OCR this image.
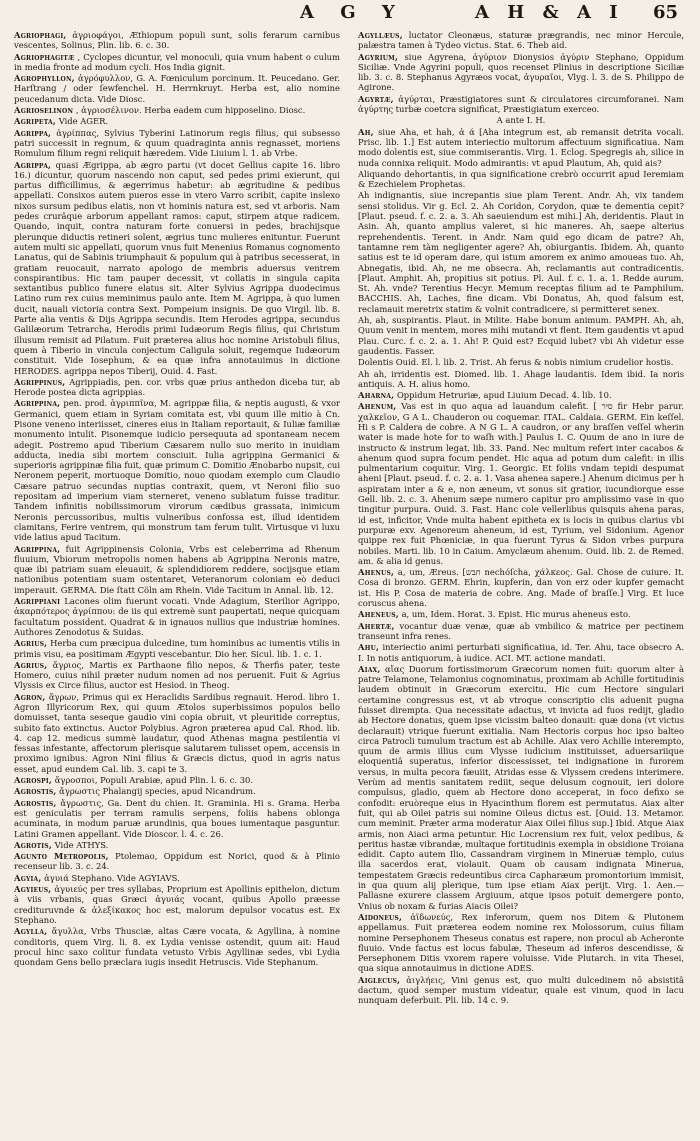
A G Y	A H & A I 65

Agriophagi, ἀγριοφάγοι, Æthiopum populi sunt, solis ferarum carnibus vescentes, Solinus, Plin. lib. 6. c. 30.

Agriophagitæ , Cyclopes dicuntur, vel monoculi, quia vnum habent o culum in media fronte ad modum cycli. Hos India gignit.

Agrophyllon, ἀγρόφυλλον, G. A. Fœniculum porcinum. It. Peucedano. Ger. Harſtrang / oder ſewfenchel. H. Herrnkruyt. Herba est, alio nomine peucedanum dicta. Vide Diosc.

Agrioselinon , ἀγριοσέλινον. Herba eadem cum hipposelino. Diosc.

Agripeta, Vide AGER.

Agrippa, ἀγρίππας, Sylvius Tyberini Latinorum regis filius, qui subsesso patri successit in regnum, & quum quadraginta annis regnasset, moriens Romulum filium regni reliquit hæredem. Vide Liuium l. 1. ab Vrbe.

Agrippa, quasi Ægrippa, ab ægro partu (vt docet Gellius capite 16. libro 16.) dicuntur, quorum nascendo non caput, sed pedes primi exierunt, qui partus difficillimus, & ægerrimus habetur: ab ægritudine & pedibus appellati. Consixos autem pueros esse in vtero Varro scribit, capite inslexo nixos sursum pedibus elatis, non vt hominis natura est, sed vt arboris. Nam pedes crurâque arborum appellant ramos: caput, stirpem atque radicem. Quando, inquit, contra naturam forte conuersi in pedes, brachijsque plerunque diductis retineri solent, ægrius tunc mulieres enituntur. Fuerunt autem multi sic appellati, quorum vnus fuit Menenius Romanus cognomento Lanatus, qui de Sabinis triumphauit & populum qui à patribus secesserat, in gratiam reuocauit, narrato apologo de membris aduersus ventrem conspirantibus. Hic tam pauper decessit, vt collatis in singula capita sextantibus publico funere elatus sit. Alter Sylvius Agrippa duodecimus Latino rum rex cuius meminimus paulo ante. Item M. Agrippa, à quo lumen ducit, nauali victoria contra Sext. Pompeium insignis. De quo Virgil. lib. 8. Parte alia ventis & Dijs Agrippa secundis. Item Herodes agrippa, secundus Galilæorum Tetrarcha, Herodis primi Iudæorum Regis filius, qui Christum illusum remisit ad Pilatum. Fuit præterea alius hoc nomine Aristobuli filius, quem à Tiberio in vincula conjectum Caligula soluit, regemque Iudæorum constituit. Vide Iosephum, & ea quæ infra annotauimus in dictione HERODES. agrippa nepos Tiberij, Ouid. 4. Fast.

Agrippinus, Agrippiadis, pen. cor. vrbs quæ prius anthedon diceba tur, ab Herode postea dicta agrippias.

Agrippina, pen. prod. ἀγριππῖνα, M. agrippæ filia, & neptis augusti, & vxor Germanici, quem etiam in Syriam comitata est, vbi quum ille mitio à Cn. Pisone veneno interiisset, cineres eius in Italiam reportauit, & Iuliæ familiæ monumento intulit. Pisonemque iudicio persequuta ad spontaneam necem adegit. Postremo apud Tiberium Cæsarem nullo suo merito in inuidiam adducta, inedia sibi mortem consciuit. Iulia agrippina Germanici & superioris agrippinæ filia fuit, quæ primum C. Domitio Ænobarbo nupsit, cui Neronem peperit, mortuoque Domitio, nouo quodam exemplo cum Claudio Cæsare patruo secundas nuptias contraxit, quem, vt Neroni filio suo repositam ad imperium viam sterneret, veneno sublatum fuisse traditur. Tandem infinitis nobilissimorum virorum cædibus grassata, inimicum Neronis percussoribus, multis vulneribus confossa est, illud identidem clamitans, Ferire ventrem, qui monstrum tam ferum tulit. Virtusque vi luxu vide latius apud Tacitum.

Agrippina, fuit Agrippinensis Colonia, Vrbs est celeberrima ad Rhenum fluuium, Vbiorum metropolis nomen habens ab Agrippina Neronis matre, quæ ibi patriam suam eleuauit, & splendidiorem reddere, socijsque etiam nationibus potentiam suam ostentaret, Veteranorum coloniam eò deduci imperauit. GERMA. Die ſtatt Cöln am Rhein. Vide Tacitum in Annal. lib. 12.

Agrippiani Lacones olim fuerunt vocati. Vnde Adagium, Sterilior Agrippo, ἀκαρπότερος ἀγρίππου: de iis qui extremè sunt paupertati, neque quicquam facultatum possident. Quadrat & in ignauos nullius que industriæ homines. Authores Zenodotus & Suidas.

Agrius, Herba cum præcipua dulcedine, tum hominibus ac iumentis vtilis in primis visu, ea positimam Ægypti vescebantur. Dio her. Sicul. lib. 1. c. 1.

Agrius, ἄγριος, Martis ex Parthaone filio nepos, & Therfis pater, teste Homero, cuius nihil præter nudum nomen ad nos peruenit. Fuit & Agrius Vlyssis ex Circe filius, auctor est Hesiod. in Theog.

Agron, ἄγρων, Primus qui ex Heraclidis Sardibus regnauit. Herod. libro 1. Agron Illyricorum Rex, qui quum Ætolos superbissimos populos bello domuisset, tanta seseque gaudio vini copia obruit, vt pleuritide correptus, subito fato extinctus. Auctor Polybius. Agron præterea apud Cal. Rhod. lib. 4. cap 12. medicus summè laudatur, quod Athenas magna pestilentia vi fessas infestante, affectorum plerisque salutarem tulisset opem, accensis in proximo ignibus. Agron Nini filius & Græcis dictus, quod in agris natus esset, apud eundem Cal. lib. 3. capi te 3.

Agrospi, ἄγροσποι, Populi Arabiæ, apud Plin. l. 6. c. 30.

Agrostis, ἄγρωστις Phalangij species, apud Nicandrum.

Agrostis, ἄγρωστις, Ga. Dent du chien. It. Graminia. Hi s. Grama. Herba est geniculatis per terram ramulis serpens, foliis habens oblonga acuminata, in modum paruæ arundinis, qua boues iumentaque pasguntur. Latini Gramen appellant. Vide Dioscor. l. 4. c. 26.

Agrotis, Vide ATHYS.

Agunto Metropolis, Ptolemao, Oppidum est Norici, quod & à Plinio recenseur lib. 3. c. 24.

Agyia, ἀγυιά Stephano. Vide AGYIAVS.

Agyieus, ἀγυιεύς per tres syllabas, Proprium est Apollinis epithelon, dictum à viis vrbanis, quas Græci ἀγυιάς vocant, quibus Apollo præesse credituruvnde & ἀλεξίκακος hoc est, malorum depulsor vocatus est. Ex Stephano.

Agylla, ἄγυλλα, Vrbs Thusciæ, altas Cære vocata, & Agyllina, à nomine conditoris, quem Virg. li. 8. ex Lydia venisse ostendit, quum ait: Haud procul hinc saxo colitur fundata vetusto Vrbis Agyllinæ sedes, vbi Lydia quondam Gens bello præclara iugis insedit Hetruscis. Vide Stephanum.

Agyllæus, luctator Cleonæus, staturæ prægrandis, nec minor Hercule, palæstra tamen à Tydeo victus. Stat. 6. Theb aid.

Agyrium, siue Agyrena, ἀγύριον Dionysios ἀγύριν Stephano, Oppidum Siciliæ. Vnde Agyrini populi, quos recenset Plinius in descriptione Siciliæ lib. 3. c. 8. Stephanus Agyræos vocat, ἀγυραῖοι, Vlyg. l. 3. de S. Philippo de Agirone.

Agyrtæ, ἀγύρται, Præstigiatores sunt & circulatores circumforanei. Nam ἀγύρτης turbæ coetcra significat, Præstigiatum exerceo.

A ante I. H.

Ah, siue Aha, et hah, ἀ ά [Aha integrum est, ab remansit detrita vocali. Prisc. lib. 1.] Est autem interiectio multorum affectuum significatiua. Nam modo dolentis est, siue commiserantis. Virg. 1. Eclog. Spegregis ah, silice in nuda connixa reliquit. Modo admirantis: vt apud Plautum, Ah, quid ais?

Aliquando dehortantis, in qua significatione crebrò occurrit apud Ieremiam & Ezechielem Prophetas.

Ah indignantis, siue increpantis siue plam Terent. Andr. Ah, vix tandem sensi stolidus. Vir g. Ecl. 2. Ah Coridon, Corydon, quæ te dementia cepit? [Plaut. pseud. f. c. 2. a. 3. Ah saeuiendum est mihi.] Ah, deridentis. Plaut in Asin. Ah, quanto amplius valeret, si hic maneres. Ah, saepe alterius reprehendentis. Terent. in Andr. Nam quid ego dicam de patre? Ah, tantamne rem tàm negligenter agere? Ah, obiurgantis. Ibidem. Ah, quanto satius est te id operam dare, qui istum amorem ex animo amoueas tuo. Ah, Abnegatis, ibid. Ah, ne me obsecra. Ah, reclamantis aut contradicentis. [Plaut. Amphit. Ah, propitius sit potius. Pl. Aul. f. c. 1. a. 1. Redde aurum. St. Ah. vnde? Terentius Hecyr. Memum receptas filium ad te Pamphilum. BACCHIS. Ah, Laches, fine dicam. Vbi Donatus, Ah, quod falsum est, reclamauit meretrix statim & volnit contradicere, si permitteret senex.

Ah, ah, suspirantis. Plaut. in Milite. Habe bonum animum. PAMPH. Ah, ah, Quum venit in mentem, mores mihi mutandi vt flent. Item gaudentis vt apud Plau. Curc. f. c. 2. a. 1. Ah! P. Quid est? Ecquid lubet? vbi Ah videtur esse gaudentis. Fasser.

Dolentis Ouid. El. l. lib. 2. Trist. Ah ferus & nobis nimium crudelior hostis.

Ah ah, irridentis est. Diomed. lib. 1. Ahage laudantis. Idem ibid. Ia noris antiquis. A. H. alius homo.

Aharna, Oppidum Hetruriæ, apud Liuium Decad. 4. lib. 10.

Ahenum, Vas est in quo aqua ad lauandum calefit. [ סיר fir Hebr parur. χαλκεῖον, G A L. Chauderon ou coquemar. ITAL. Caldaia. GERM. Ein keſſel. Hi s P. Caldera de cobre. A N G L. A caudron, or any braſſen veſſel wherin water is made hote for to waſh with.] Paulus I. C. Quum de ano in iure de instructo & instrum legat. lib. 33. Pand. Nec multum refert inter cacabos & ahenum quod supra focum pendet. Hic aqua ad potum dum calefit: in illis pulmentarium coquitur. Virg. 1. Georgic. Et foliis vndam tepidi despumat aheni [Plaut. pseud. f. c. 2. a. 1. Vasa ahenea sapere.] Ahenum dicimus per h aspiratam inter a & e, non æneum, vt sonus sit gratior, iucundiorque esse Gell. lib. 2. c. 3. Ahenum sæpe numero capitur pro amplissimo vase in quo tingitur purpura. Ouid. 3. Fast. Hanc cole vellerlibus quisquis ahena paras, id est, inficitor, Vnde multa habent epitheta ex is locis in quibus clarius vbi purpuræ exv. Agenoreum aheneum, id est, Tyrium, vel Sidonium. Agenor quippe rex fuit Phœniciæ, in qua fuerunt Tyrus & Sidon vrbes purpura nobiles. Marti. lib. 10 in Caium. Amyclæum ahenum. Ouid. lib. 2. de Remed. am. & alia id genus.

Ahenus, a, um, Æreus. [חבש nechóſcha, χάλκεος. Gal. Chose de cuiure. It. Cosa di bronzo. GERM. Ehrin, kupferin, dan von erz oder kupfer gemacht ist. His P. Cosa de materia de cobre. Ang. Made of braſſe.] Virg. Et luce coruscus ahena.

Aheneus, a, um, Idem. Horat. 3. Epist. Hic murus aheneus esto.

Ahertæ, vocantur duæ venæ, quæ ab vmbilico & matrice per pectinem transeunt infra renes.

Ahu, interiectio animi perturbati significatiua, id. Ter. Ahu, tace obsecro A. I. In notis antiquorum, à iudice. ACI. MT. actione mandati.

Aiax, αἴας Duorum fortissimorum Græcorum nomen fuit: quorum alter à patre Telamone, Telamonius cognominatus, proximam ab Achille fortitudinis laudem obtinuit in Græcorum exercitu. Hic cum Hectore singulari certamine congressus est, vt ab vtroque conscriptio clis aduenit pugna fuisset dirempta. Qua necessitate adactus, vt invicta ad fuos redijt, gladio ab Hectore donatus, quem ipse vicissim balteo donauit: quæ dona (vt victus declarauit) vtrique fuerunt exitialia. Nam Hectoris corpus hoc ipso balteo circa Patrocli tumulum tractum est ab Achille. Aiax vero Achille interempto, quum de armis illius cum Vlysse iudicium instituisset, aduersariique eloquentiâ superatus, inferior discessisset, tei indignatione in furorem versus, in multa pecora fæuiit, Atridas esse & Vlyssem credens interimere. Verùm ad mentis sanitatem rediit, seque delusum cognouit, ieri dolore compulsus, gladio, quem ab Hectore dono acceperat, in foco defixo se confodit: eruòreque eius in Hyacinthum florem est permutatus. Aiax alter fuit, qui ab Oilei patris sui nomine Oileus dictus est. [Ouid. 13. Metamor. cum meminit. Præter arma moderatur Aiax Oilei filius sup.] Ibid. Atque Aiax armis, non Aiaci arma petuntur. Hic Locrensium rex fuit, velox pedibus, & peritus hastæ vibrandæ, multaque fortitudinis exempla in obsidione Troiana edidit. Capto autem Ilio, Cassandram virginem in Mineruæ templo, cuius illa sacerdos erat, violauit. Quam ob causam indignata Minerua, tempestatem Græcis redeuntibus circa Capharæum promontorium immisit, in qua quum alij plerique, tum ipse etiam Aiax perijt. Virg. 1. Aen.— Pallasne exurere classem Argiuum, atque ipsos potuit demergere ponto, Vnius ob noxam & furias Aiacis Oilei?

Aidoneus, ἀϊδωνεύς, Rex inferorum, quem nos Ditem & Plutonem appellamus. Fuit præterea eodem nomine rex Molossorum, cuius filiam nomine Persephonem Theseus conatus est rapere, non procul ab Acheronte fluuio. Vnde factus est locus fabulæ, Theseum ad inferos descendisse, & Persephonem Ditis vxorem rapere voluisse. Vide Plutarch. in vita Thesei, qua siqua annotauimus in dictione ADES.

Aiglecus, ἀιγλήεις, Vini genus est, quo multi dulcedinem nō absistitâ dactum, quod semper mustum videatur, quale est vinum, quod in lacu nunquam deferbuit. Pli. lib. 14 c. 9.
